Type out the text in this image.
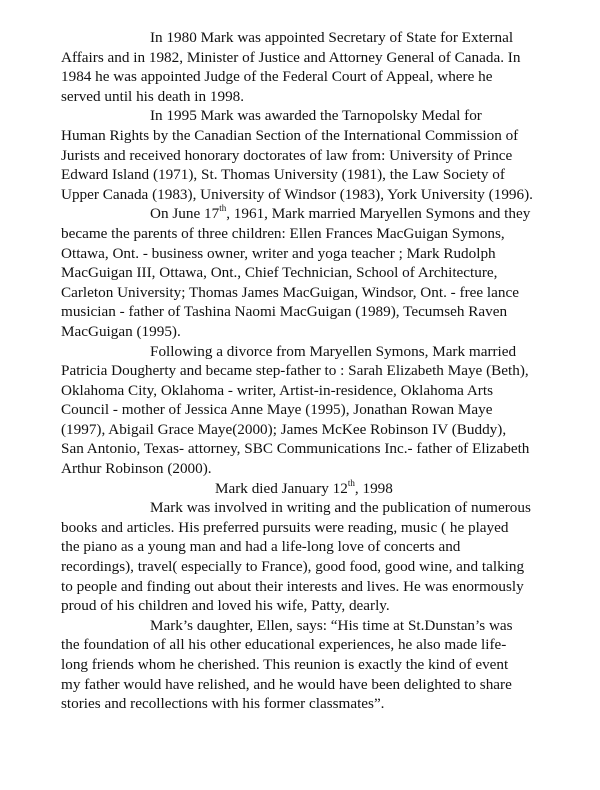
In 1980 Mark was appointed Secretary of State for External
Affairs and in 1982, Minister of Justice and Attorney General of Canada. In
1984 he was appointed Judge of the Federal Court of Appeal, where he
served until his death in 1998.
In 1995 Mark was awarded the Tarnopolsky Medal for
Human Rights by the Canadian Section of the International Commission of
Jurists and received honorary doctorates of law from: University of Prince
Edward Island (1971), St. Thomas University (1981), the Law Society of
Upper Canada (1983), University of Windsor (1983), York University (1996).
On June 17th, 1961, Mark married Maryellen Symons and they
became the parents of three children: Ellen Frances MacGuigan Symons,
Ottawa, Ont. - business owner, writer and yoga teacher ; Mark Rudolph
MacGuigan III, Ottawa, Ont., Chief Technician, School of Architecture,
Carleton University; Thomas James MacGuigan, Windsor, Ont. - free lance
musician - father of Tashina Naomi MacGuigan (1989), Tecumseh Raven
MacGuigan (1995).
Following a divorce from Maryellen Symons, Mark married
Patricia Dougherty and became step-father to : Sarah Elizabeth Maye (Beth),
Oklahoma City, Oklahoma - writer, Artist-in-residence, Oklahoma Arts
Council - mother of Jessica Anne Maye (1995), Jonathan Rowan Maye
(1997), Abigail Grace Maye(2000); James McKee Robinson IV (Buddy),
San Antonio, Texas- attorney, SBC Communications Inc.- father of Elizabeth
Arthur Robinson (2000).
Mark died January 12th, 1998
Mark was involved in writing and the publication of numerous
books and articles. His preferred pursuits were reading, music ( he played
the piano as a young man and had a life-long love of concerts and
recordings), travel( especially to France), good food, good wine, and talking
to people and finding out about their interests and lives. He was enormously
proud of his children and loved his wife, Patty, dearly.
Mark’s daughter, Ellen, says: “His time at St.Dunstan’s was
the foundation of all his other educational experiences, he also made life-
long friends whom he cherished. This reunion is exactly the kind of event
my father would have relished, and he would have been delighted to share
stories and recollections with his former classmates”.
